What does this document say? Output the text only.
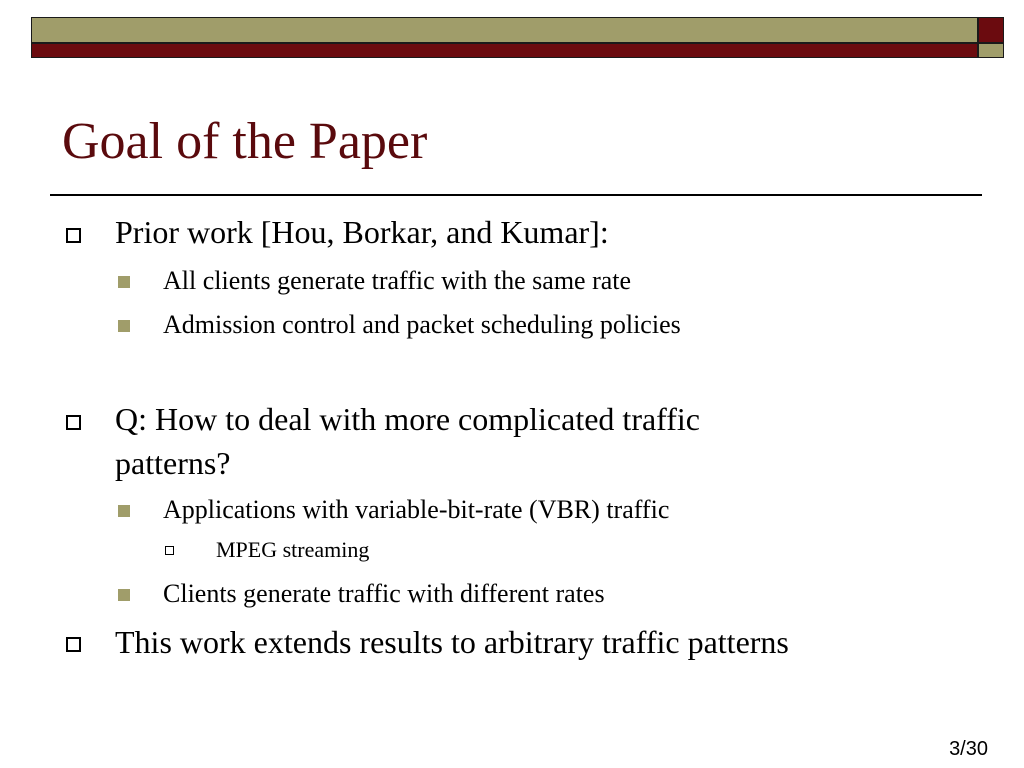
Goal of the Paper
Prior work [Hou, Borkar, and Kumar]:
All clients generate traffic with the same rate
Admission control and packet scheduling policies
Q: How to deal with more complicated traffic
patterns?
Applications with variable-bit-rate (VBR) traffic
MPEG streaming
Clients generate traffic with different rates
This work extends results to arbitrary traffic patterns
3/30
